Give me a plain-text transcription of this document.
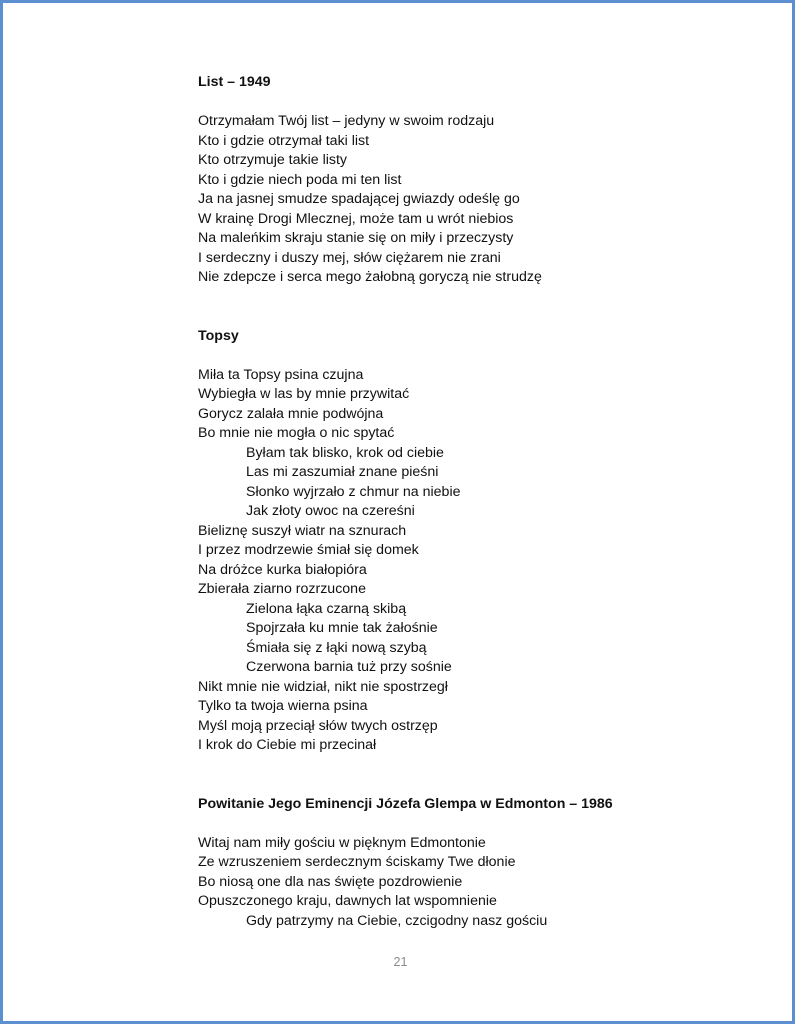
List – 1949
Otrzymałam Twój list – jedyny w swoim rodzaju
Kto i gdzie otrzymał taki list
Kto otrzymuje takie listy
Kto i gdzie niech poda mi ten list
Ja na jasnej smudze spadającej gwiazdy odeślę go
W krainę Drogi Mlecznej, może tam u wrót niebios
Na maleńkim skraju stanie się on miły i przeczysty
I serdeczny i duszy mej, słów ciężarem nie zrani
Nie zdepcze i serca mego żałobną goryczą nie strudzę
Topsy
Miła ta Topsy psina czujna
Wybiegła w las by mnie przywitać
Gorycz zalała mnie podwójna
Bo mnie nie mogła o nic spytać
Byłam tak blisko, krok od ciebie
Las mi zaszumiał znane pieśni
Słonko wyjrzało z chmur na niebie
Jak złoty owoc na czereśni
Bieliznę suszył wiatr na sznurach
I przez modrzewie śmiał się domek
Na dróżce kurka białopióra
Zbierała ziarno rozrzucone
Zielona łąka czarną skibą
Spojrzała ku mnie tak żałośnie
Śmiała się z łąki nową szybą
Czerwona barnia tuż przy sośnie
Nikt mnie nie widział, nikt nie spostrzegł
Tylko ta twoja wierna psina
Myśl moją przeciął słów twych ostrzęp
I krok do Ciebie mi przecinał
Powitanie Jego Eminencji Józefa Glempa w Edmonton – 1986
Witaj nam miły gościu w pięknym Edmontonie
Ze wzruszeniem serdecznym ściskamy Twe dłonie
Bo niosą one dla nas święte pozdrowienie
Opuszczonego kraju, dawnych lat wspomnienie
Gdy patrzymy na Ciebie, czcigodny nasz gościu
21
